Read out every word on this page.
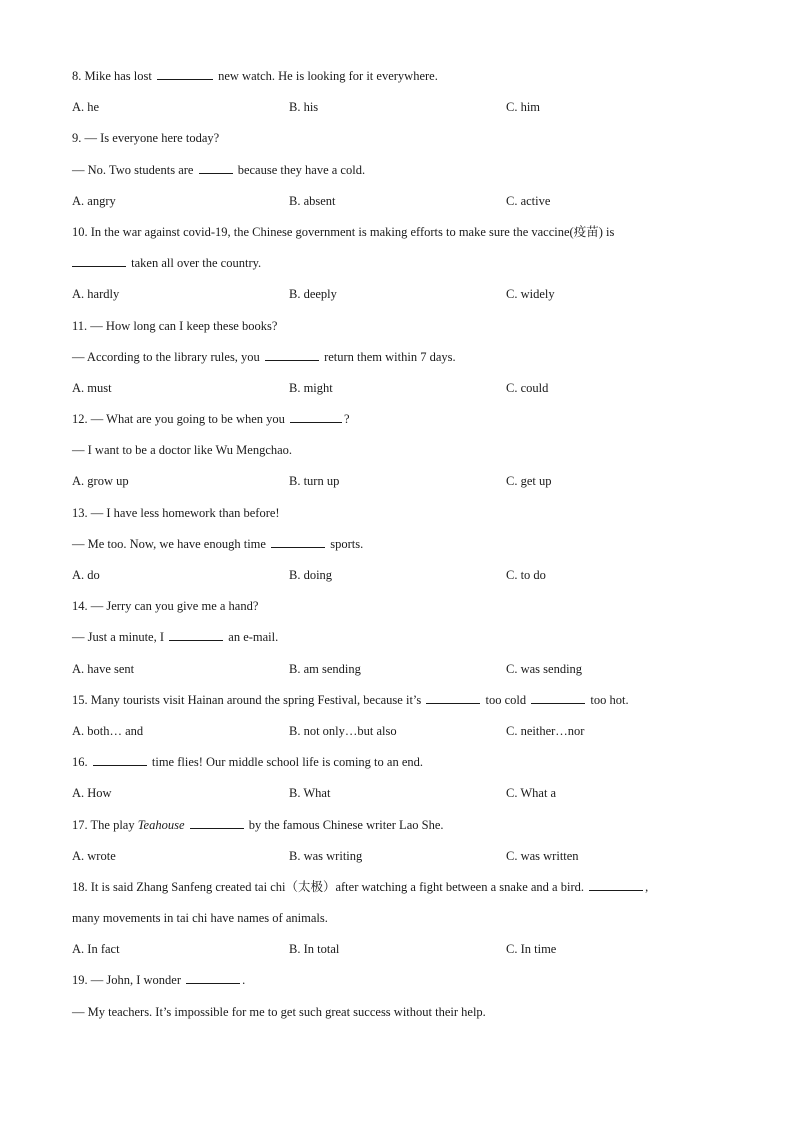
8. Mike has lost	new watch. He is looking for it everywhere.
A. he	B. his	C. him
9. — Is everyone here today?
— No. Two students are	because they have a cold.
A. angry	B. absent	C. active
10. In the war against covid-19, the Chinese government is making efforts to make sure the vaccine(疫苗) is
taken all over the country.
A. hardly	B. deeply	C. widely
11. — How long can I keep these books?
— According to the library rules, you	return them within 7 days.
A. must	B. might	C. could
12. — What are you going to be when you	?
— I want to be a doctor like Wu Mengchao.
A. grow up	B. turn up	C. get up
13. — I have less homework than before!
— Me too. Now, we have enough time	sports.
A. do	B. doing	C. to do
14. — Jerry can you give me a hand?
— Just a minute, I	an e-mail.
A. have sent	B. am sending	C. was sending
15. Many tourists visit Hainan around the spring Festival, because it’s	too cold	too hot.
A. both… and	B. not only…but also	C. neither…nor
16.	time flies! Our middle school life is coming to an end.
A. How	B. What	C. What a
17. The play Teahouse	by the famous Chinese writer Lao She.
A. wrote	B. was writing	C. was written
18. It is said Zhang Sanfeng created tai chi（太极）after watching a fight between a snake and a bird.	,
many movements in tai chi have names of animals.
A. In fact	B. In total	C. In time
19. — John, I wonder	.
— My teachers. It’s impossible for me to get such great success without their help.
